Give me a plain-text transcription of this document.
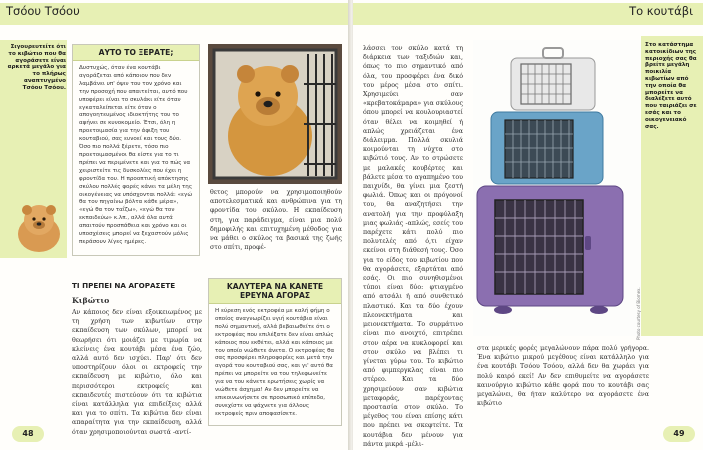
Τσόου Τσόου
Σιγουρευτείτε ότι το κιβώτιο που θα αγοράσετε είναι αρκετά μεγάλο για το πλήρως αναπτυγμένο Τσόου Τσόου.
ΑΥΤΟ ΤΟ ΞΕΡΑΤΕ;
Δυστυχώς, όταν ένα κουτάβι αγοράζεται από κάποιον που δεν λαμβάνει υπ' όψιν του τον χρόνο και την προσοχή που απαιτείται, αυτό που υποφέρει είναι το σκυλάκι είτε όταν εγκαταλείπεται είτε όταν ο απογοητευμένος ιδιοκτήτης του το αφήνει σε κυνοκομείο. Έτσι, όλη η προετοιμασία για την άφιξη του κουταβιού, σας ευνοεί και τους δύο. Όσο πιο πολλά ξέρετε, τόσο πιο προετοιμασμένοι θα είστε για το τι πρέπει να περιμένετε και για το πώς να χειριστείτε τις δυσκολίες που έχει η φροντίδα του. Η προοπτική απόκτησης σκύλου πολλές φορές κάνει τα μέλη της οικογένειας να υπόσχονται πολλά: «εγώ θα τον πηγαίνω βόλτα κάθε μέρα», «εγώ θα τον ταΐζω», «εγώ θα τον εκπαιδεύω» κ.λπ., αλλά όλα αυτά απαιτούν προσπάθεια και χρόνο και οι υποσχέσεις μπορεί να ξεχαστούν μόλις περάσουν λίγες ημέρες.
θετος μπορούν να χρησιμοποιηθούν αποτελεσματικά και ανθρώπινα για τη φροντίδα του σκύλου. Η εκπαίδευση στη, για παράδειγμα, είναι μια πολύ δημοφιλής και επιτυχημένη μέθοδος για να μάθει ο σκύλος τα βασικά της ζωής στο σπίτι, προφέ-
ΚΑΛΥΤΕΡΑ ΝΑ ΚΑΝΕΤΕ ΕΡΕΥΝΑ ΑΓΟΡΑΣ
Η εύρεση ενός εκτροφέα με καλή φήμη ο οποίος αναγνωρίζει υγιή κουτάβια είναι πολύ σημαντική, αλλά βεβαιωθείτε ότι ο εκτροφέας που επιλέξατε δεν είναι απλώς κάποιος που εκθέτει, αλλά και κάποιος με τον οποίο νιώθετε άνετα. Ο εκτροφέας θα σας προσφέρει πληροφορίες και μετά την αγορά του κουταβιού σας, και γι' αυτό θα πρέπει να μπορείτε να του τηλεφωνείτε για να του κάνετε ερωτήσεις χωρίς να νιώθετε άσχημα! Αν δεν μπορείτε να επικοινωνήσετε σε προσωπικό επίπεδο, συνεχίστε να ψάχνετε για άλλους εκτροφείς πριν αποφασίσετε.
ΤΙ ΠΡΕΠΕΙ ΝΑ ΑΓΟΡΑΣΕΤΕ
Κιβώτιο
Αν κάποιος δεν είναι εξοικειωμένος με τη χρήση των κιβωτίων στην εκπαίδευση των σκύλων, μπορεί να θεωρήσει ότι μοιάζει με τιμωρία να κλείνεις ένα κουτάβι μέσα ένα ζώο, αλλά αυτό δεν ισχύει. Παρ' ότι δεν υποστηρίζουν όλοι οι εκτροφείς την εκπαίδευση με κιβώτιο, όλο και περισσότεροι εκτροφείς και εκπαιδευτές πιστεύουν ότι τα κιβώτια είναι κατάλληλα για επιδείξεις αλλά και για το σπίτι. Τα κιβώτια δεν είναι απαραίτητα για την εκπαίδευση, αλλά όταν χρησιμοποιούνται σωστά -αντί-
48
Το κουτάβι
λάσσει τον σκύλο κατά τη διάρκεια των ταξιδιών και, όπως το πιο σημαντικό από όλα, του προσφέρει ένα δικό του μέρος μέσα στο σπίτι. Χρησιμεύει σαν «κρεβατοκάμαρα» για σκύλους όπου μπορεί να κουλουριαστεί όταν θέλει να κοιμηθεί ή απλώς χρειάζεται ένα διάλειμμα. Πολλά σκυλιά κοιμούνται τη νύχτα στο κιβώτιό τους. Αν το στρώσετε με μαλακές κουβέρτες και βάλετε μέσα το αγαπημένο του παιχνίδι, θα γίνει μια ζεστή φωλιά. Όπως και οι πρόγονοί του, θα αναζητήσει την ανατολή για την προφύλαξη μιας φωλιάς -απλώς, εσείς του παρέχετε κάτι πολύ πιο πολυτελές από ό,τι είχαν εκείνοι στη διάθεσή τους. Όσο για το είδος του κιβωτίου που θα αγοράσετε, εξαρτάται από εσάς. Οι πιο συνηθισμένοι τύποι είναι δύο: φτιαγμένο από ατσάλι ή από συνθετικό πλαστικό. Και τα δύο έχουν πλεονεκτήματα και μειονεκτήματα. Το συρμάτινο είναι πιο ανοιχτό, επιτρέπει στον αέρα να κυκλοφορεί και στον σκύλο να βλέπει τι γίνεται γύρω του. Το κιβώτιο από φιμπεργκλας είναι πιο στέρεο. Και τα δύο χρησιμεύουν σαν κιβώτια μεταφοράς, παρέχοντας προστασία στον σκύλο. Το μέγεθος του είναι επίσης κάτι που πρέπει να σκεφτείτε. Τα κουτάβια δεν μένουν για πάντα μικρά -μέλι-
Photo courtesy of Biomex.
Στο κατάστημα κατοικίδιων της περιοχής σας θα βρείτε μεγάλη ποικιλία κιβωτίων από την οποία θα μπορείτε να διαλέξετε αυτό που ταιριάζει σε εσάς και το οικογενειακό σας.
στα μερικές φορές μεγαλώνουν πάρα πολύ γρήγορα. Ένα κιβώτιο μικρού μεγέθους είναι κατάλληλο για ένα κουτάβι Τσόου Τσόου, αλλά δεν θα χωράει για πολύ καιρό εκεί! Αν δεν επιθυμείτε να αγοράσετε καινούργιο κιβώτιο κάθε φορά που το κουτάβι σας μεγαλώνει, θα ήταν καλύτερο να αγοράσετε ένα κιβώτιο
49
